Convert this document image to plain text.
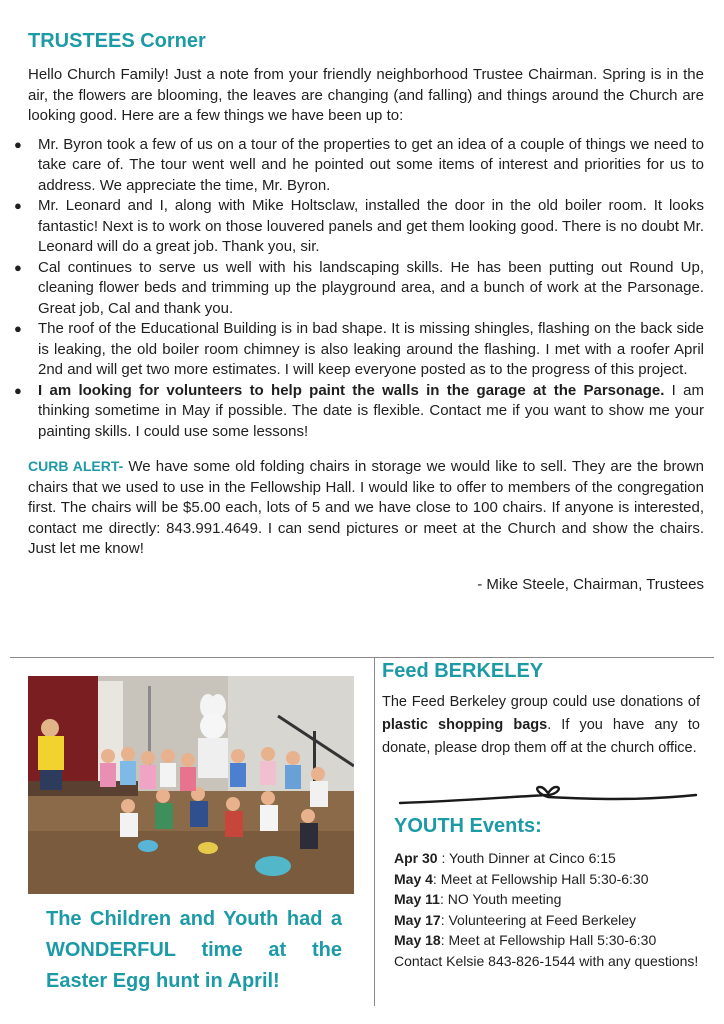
TRUSTEES Corner

Hello Church Family! Just a note from your friendly neighborhood Trustee Chairman. Spring is in the air, the flowers are blooming, the leaves are changing (and falling) and things around the Church are looking good. Here are a few things we have been up to:

● Mr. Byron took a few of us on a tour of the properties to get an idea of a couple of things we need to take care of. The tour went well and he pointed out some items of interest and priorities for us to address. We appreciate the time, Mr. Byron.
● Mr. Leonard and I, along with Mike Holtsclaw, installed the door in the old boiler room. It looks fantastic! Next is to work on those louvered panels and get them looking good. There is no doubt Mr. Leonard will do a great job. Thank you, sir.
● Cal continues to serve us well with his landscaping skills. He has been putting out Round Up, cleaning flower beds and trimming up the playground area, and a bunch of work at the Parsonage. Great job, Cal and thank you.
● The roof of the Educational Building is in bad shape. It is missing shingles, flashing on the back side is leaking, the old boiler room chimney is also leaking around the flashing. I met with a roofer April 2nd and will get two more estimates. I will keep everyone posted as to the progress of this project.
● I am looking for volunteers to help paint the walls in the garage at the Parsonage. I am thinking sometime in May if possible. The date is flexible. Contact me if you want to show me your painting skills. I could use some lessons!

CURB ALERT- We have some old folding chairs in storage we would like to sell. They are the brown chairs that we used to use in the Fellowship Hall. I would like to offer to members of the congregation first. The chairs will be $5.00 each, lots of 5 and we have close to 100 chairs. If anyone is interested, contact me directly: 843.991.4649. I can send pictures or meet at the Church and show the chairs. Just let me know!

- Mike Steele, Chairman, Trustees

The Children and Youth had a
WONDERFUL time at the
Easter Egg hunt in April!
Feed BERKELEY

The Feed Berkeley group could use donations of plastic shopping bags. If you have any to donate, please drop them off at the church office.

YOUTH Events:

Apr 30 : Youth Dinner at Cinco 6:15

May 4: Meet at Fellowship Hall 5:30-6:30

May 11: NO Youth meeting

May 17: Volunteering at Feed Berkeley

May 18: Meet at Fellowship Hall 5:30-6:30

Contact Kelsie 843-826-1544 with any questions!
